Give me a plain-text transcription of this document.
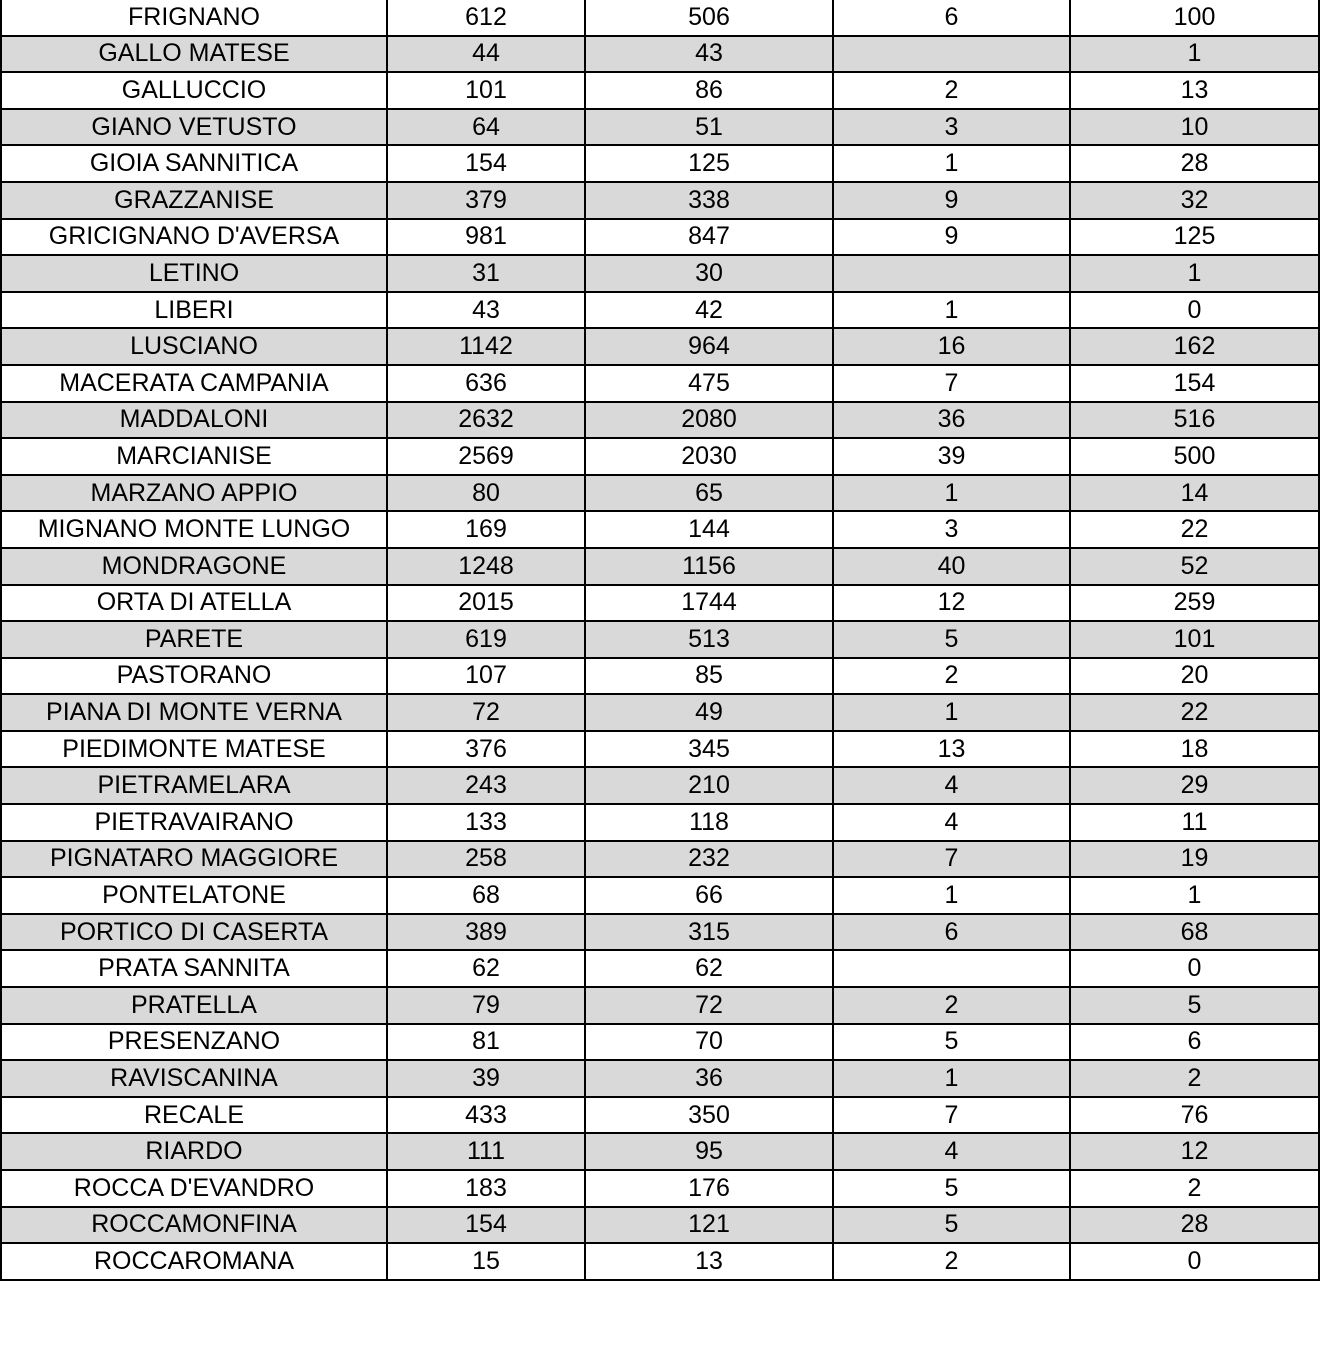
FRIGNANO	612	506	6	100
GALLO MATESE	44	43		1
GALLUCCIO	101	86	2	13
GIANO VETUSTO	64	51	3	10
GIOIA SANNITICA	154	125	1	28
GRAZZANISE	379	338	9	32
GRICIGNANO D'AVERSA	981	847	9	125
LETINO	31	30		1
LIBERI	43	42	1	0
LUSCIANO	1142	964	16	162
MACERATA CAMPANIA	636	475	7	154
MADDALONI	2632	2080	36	516
MARCIANISE	2569	2030	39	500
MARZANO APPIO	80	65	1	14
MIGNANO MONTE LUNGO	169	144	3	22
MONDRAGONE	1248	1156	40	52
ORTA DI ATELLA	2015	1744	12	259
PARETE	619	513	5	101
PASTORANO	107	85	2	20
PIANA DI MONTE VERNA	72	49	1	22
PIEDIMONTE MATESE	376	345	13	18
PIETRAMELARA	243	210	4	29
PIETRAVAIRANO	133	118	4	11
PIGNATARO MAGGIORE	258	232	7	19
PONTELATONE	68	66	1	1
PORTICO DI CASERTA	389	315	6	68
PRATA SANNITA	62	62		0
PRATELLA	79	72	2	5
PRESENZANO	81	70	5	6
RAVISCANINA	39	36	1	2
RECALE	433	350	7	76
RIARDO	111	95	4	12
ROCCA D'EVANDRO	183	176	5	2
ROCCAMONFINA	154	121	5	28
ROCCAROMANA	15	13	2	0
